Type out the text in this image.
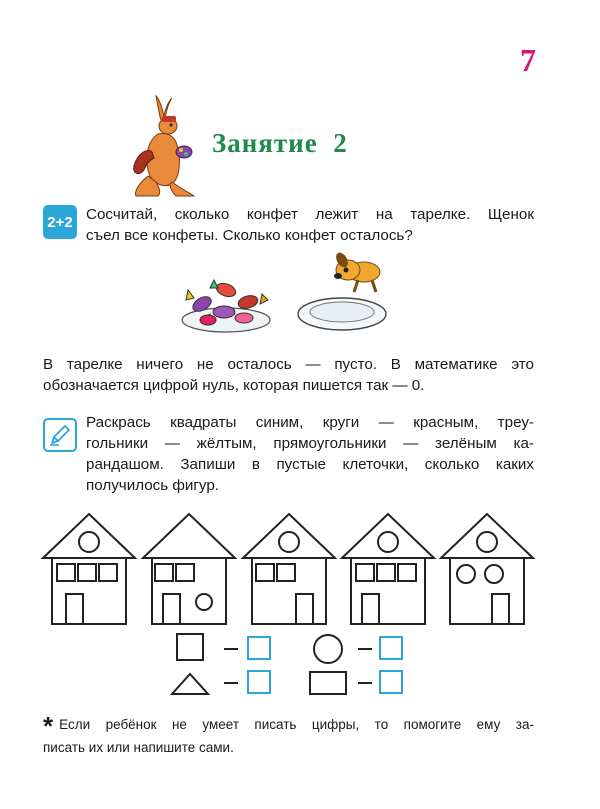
7
Занятие  2
2+2 Сосчитай, сколько конфет лежит на тарелке. Щенок
съел все конфеты. Сколько конфет осталось?
В тарелке ничего не осталось — пусто. В математике это
обозначается цифрой нуль, которая пишется так — 0.
Раскрась квадраты синим, круги — красным, треу-
гольники — жёлтым, прямоугольники — зелёным ка-
рандашом. Запиши в пустые клеточки, сколько каких
получилось фигур.
* Если ребёнок не умеет писать цифры, то помогите ему за-
писать их или напишите сами.
